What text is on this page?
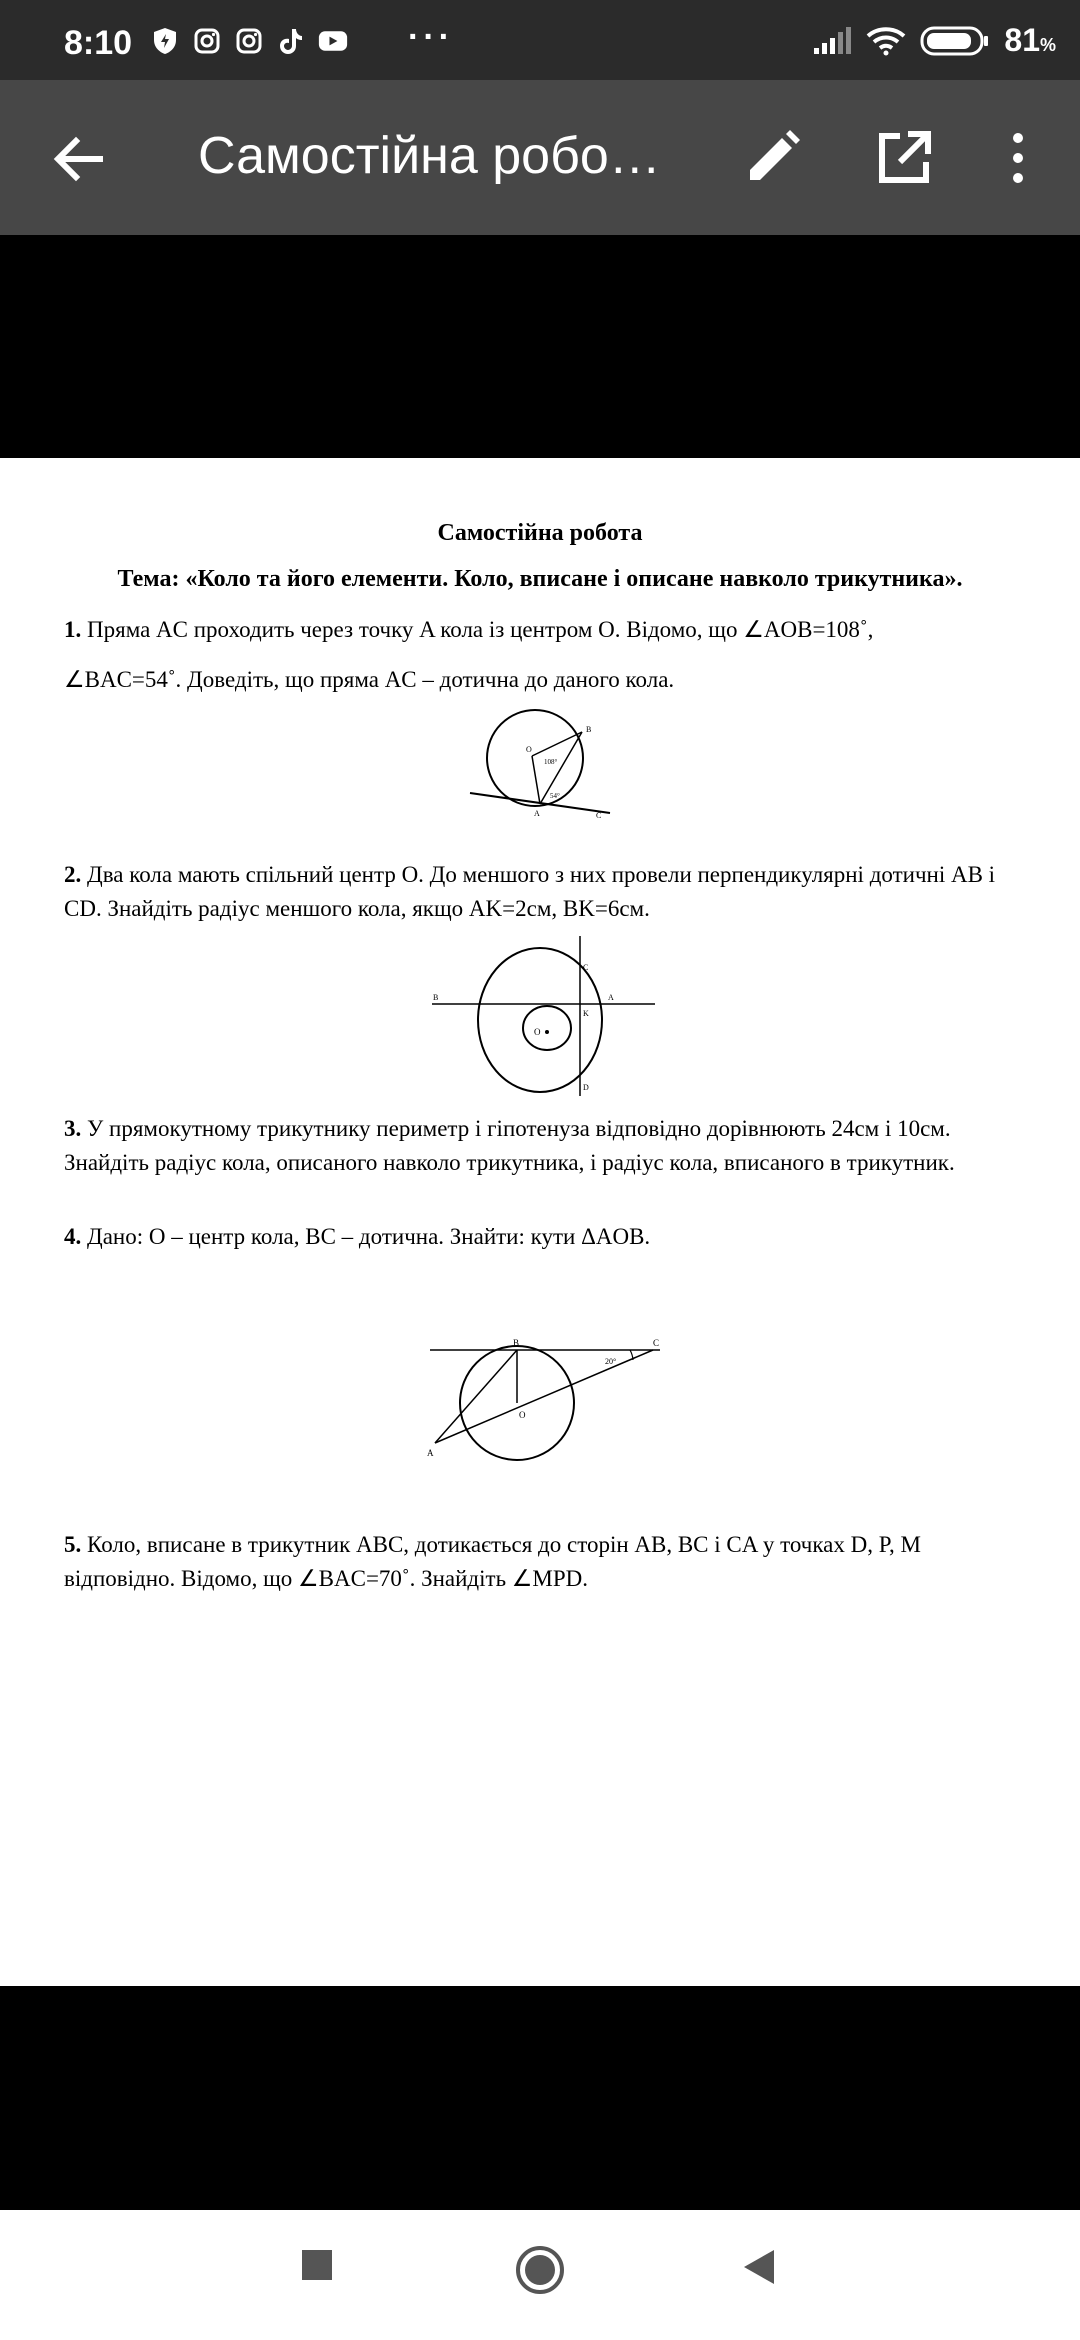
8:10	···	81%
Самостійна робо…
Самостійна робота
Тема: «Коло та його елементи. Коло, вписане і описане навколо трикутника».
1. Пряма AC проходить через точку A кола із центром O. Відомо, що ∠AOB=108˚,
∠BAC=54˚. Доведіть, що пряма AC – дотична до даного кола.
O
B
A	C
108°
54°
2. Два кола мають спільний центр O. До меншого з них провели перпендикулярні дотичні AB і CD. Знайдіть радіус меншого кола, якщо AK=2см, BK=6см.
O
B	A
C
K
D
3. У прямокутному трикутнику периметр і гіпотенуза відповідно дорівнюють 24см і 10см. Знайдіть радіус кола, описаного навколо трикутника, і радіус кола, вписаного в трикутник.
4. Дано: O – центр кола, BC – дотична. Знайти: кути ΔAOB.
B	C
O
A
20°
5. Коло, вписане в трикутник ABC, дотикається до сторін AB, BC і CA у точках D, P, M відповідно. Відомо, що ∠BAC=70˚. Знайдіть ∠MPD.
